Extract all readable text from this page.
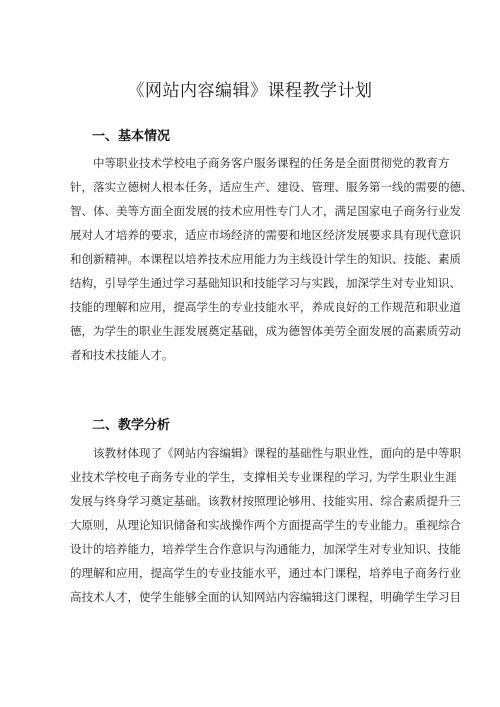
《网站内容编辑》课程教学计划
一、基本情况
　　中等职业技术学校电子商务客户服务课程的任务是全面贯彻党的教育方
针，落实立德树人根本任务，适应生产、建设、管理、服务第一线的需要的德、
智、体、美等方面全面发展的技术应用性专门人才，满足国家电子商务行业发
展对人才培养的要求，适应市场经济的需要和地区经济发展要求具有现代意识
和创新精神。本课程以培养技术应用能力为主线设计学生的知识、技能、素质
结构，引导学生通过学习基础知识和技能学习与实践，加深学生对专业知识、
技能的理解和应用，提高学生的专业技能水平，养成良好的工作规范和职业道
德，为学生的职业生涯发展奠定基础，成为德智体美劳全面发展的高素质劳动
者和技术技能人才。
二、教学分析
　　该教材体现了《网站内容编辑》课程的基础性与职业性，面向的是中等职
业技术学校电子商务专业的学生，支撑相关专业课程的学习, 为学生职业生涯
发展与终身学习奠定基础。该教材按照理论够用、技能实用、综合素质提升三
大原则，从理论知识储备和实战操作两个方面提高学生的专业能力。重视综合
设计的培养能力，培养学生合作意识与沟通能力，加深学生对专业知识、技能
的理解和应用，提高学生的专业技能水平，通过本门课程，培养电子商务行业
高技术人才，使学生能够全面的认知网站内容编辑这门课程，明确学生学习目
